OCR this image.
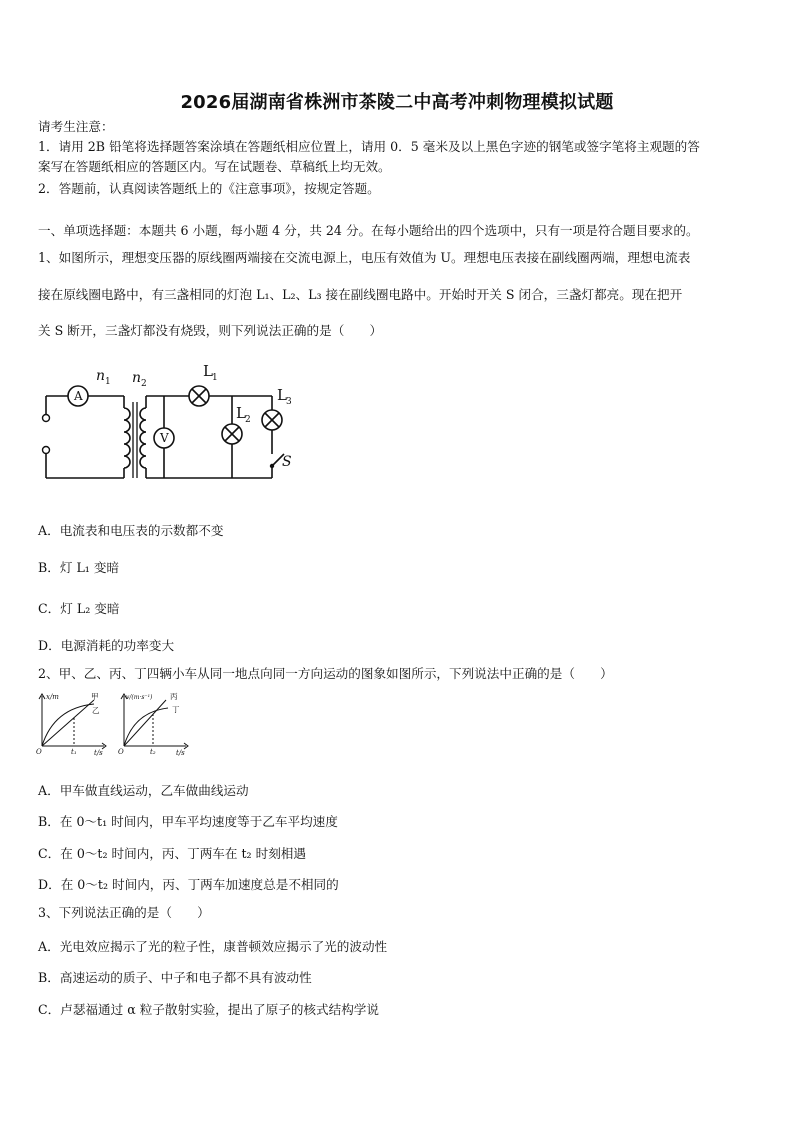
2026届湖南省株洲市茶陵二中高考冲刺物理模拟试题
请考生注意：
1．请用 2B 铅笔将选择题答案涂填在答题纸相应位置上，请用 0．5 毫米及以上黑色字迹的钢笔或签字笔将主观题的答
案写在答题纸相应的答题区内。写在试题卷、草稿纸上均无效。
2．答题前，认真阅读答题纸上的《注意事项》，按规定答题。
一、单项选择题：本题共 6 小题，每小题 4 分，共 24 分。在每小题给出的四个选项中，只有一项是符合题目要求的。
1、如图所示，理想变压器的原线圈两端接在交流电源上，电压有效值为 U。理想电压表接在副线圈两端，理想电流表
接在原线圈电路中，有三盏相同的灯泡 L₁、L₂、L₃ 接在副线圈电路中。开始时开关 S 闭合，三盏灯都亮。现在把开
关 S 断开，三盏灯都没有烧毁，则下列说法正确的是（　　）
A
V
n 1 n 2
L 1
L 2
L 3
S
A．电流表和电压表的示数都不变
B．灯 L₁ 变暗
C．灯 L₂ 变暗
D．电源消耗的功率变大
2、甲、乙、丙、丁四辆小车从同一地点向同一方向运动的图象如图所示，下列说法中正确的是（　　）
x/m
t/s
O	t₁
甲
乙
v/(m·s⁻¹)
t/s
O	t₂
丙
丁
A．甲车做直线运动，乙车做曲线运动
B．在 0～t₁ 时间内，甲车平均速度等于乙车平均速度
C．在 0～t₂ 时间内，丙、丁两车在 t₂ 时刻相遇
D．在 0～t₂ 时间内，丙、丁两车加速度总是不相同的
3、下列说法正确的是（　　）
A．光电效应揭示了光的粒子性，康普顿效应揭示了光的波动性
B．高速运动的质子、中子和电子都不具有波动性
C．卢瑟福通过 α 粒子散射实验，提出了原子的核式结构学说
